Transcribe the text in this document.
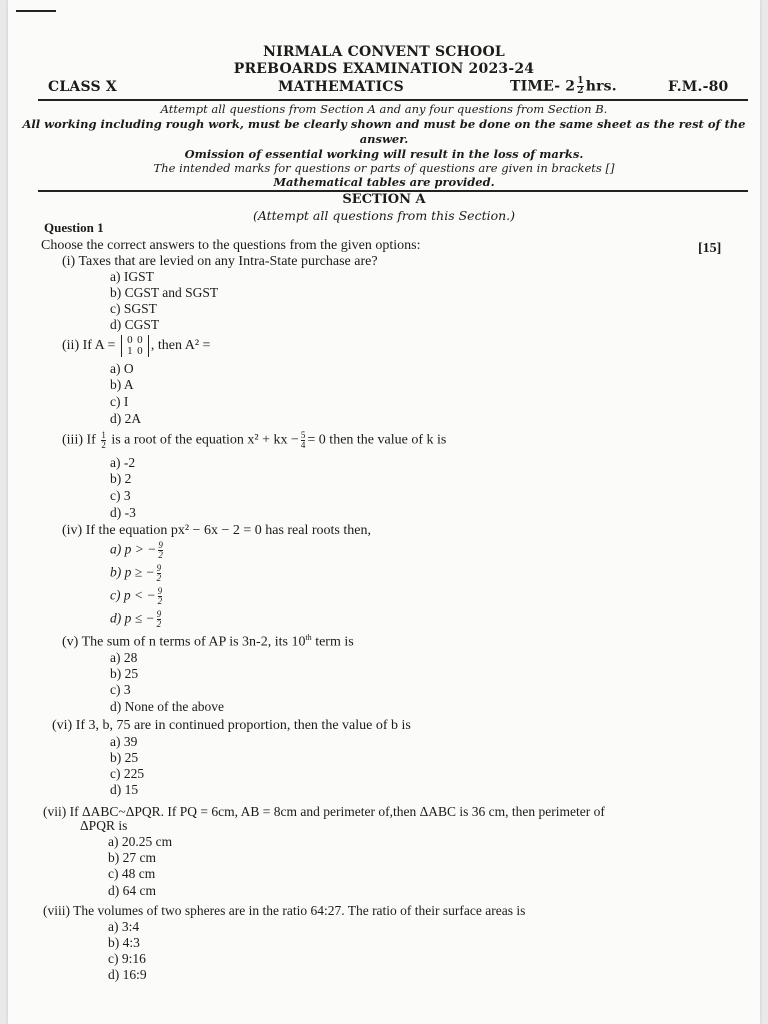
NIRMALA CONVENT SCHOOL
PREBOARDS EXAMINATION 2023-24
CLASS X	MATHEMATICS	TIME- $2 \frac{1}{2}$ hrs.	F.M.-80
Attempt all questions from Section A and any four questions from Section B.
All working including rough work, must be clearly shown and must be done on the same sheet as the rest of the
answer.
Omission of essential working will result in the loss of marks.
The intended marks for questions or parts of questions are given in brackets []
Mathematical tables are provided.
SECTION A
(Attempt all questions from this Section.)
Question 1
Choose the correct answers to the questions from the given options:	[15]
(i) Taxes that are levied on any Intra-State purchase are?
a) IGST
b) CGST and SGST
c) SGST
d) CGST
(ii) If A = 0 0
1 0 , then A² =
a) O
b) A
c) I
d) 2A
(iii) If $\frac{1}{2}$ is a root of the equation x² + kx − $\frac{5}{4} = 0$ then the value of k is
a) -2
b) 2
c) 3
d) -3
(iv) If the equation px² − 6x − 2 = 0 has real roots then,
a) p > − $\frac{9}{2}$
b) p ≥ − $\frac{9}{2}$
c) p < − $\frac{9}{2}$
d) p ≤ − $\frac{9}{2}$
(v) The sum of n terms of AP is 3n-2, its 10th term is
a) 28
b) 25
c) 3
d) None of the above
(vi) If 3, b, 75 are in continued proportion, then the value of b is
a) 39
b) 25
c) 225
d) 15
(vii) If ΔABC~ΔPQR. If PQ = 6cm, AB = 8cm and perimeter of,then ΔABC is 36 cm, then perimeter of
ΔPQR is
a) 20.25 cm
b) 27 cm
c) 48 cm
d) 64 cm
(viii) The volumes of two spheres are in the ratio 64:27. The ratio of their surface areas is
a) 3:4
b) 4:3
c) 9:16
d) 16:9
